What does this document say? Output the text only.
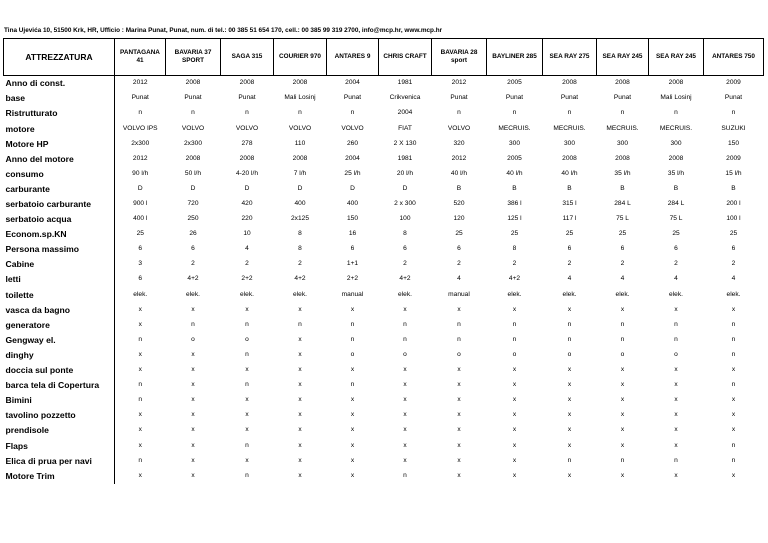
Tina Ujevića 10, 51500 Krk, HR, Ufficio : Marina Punat, Punat, num. di tel.: 00 385 51 654 170, cell.: 00 385 99 319 2700, info@mcp.hr, www.mcp.hr
ATTREZZATURA	PANTAGANA 41	BAVARIA 37 SPORT	SAGA 315	COURIER 970	ANTARES 9	CHRIS CRAFT	BAVARIA 28 sport	BAYLINER 285	SEA RAY 275	SEA RAY 245	SEA RAY 245	ANTARES 750
Anno di const.	2012	2008	2008	2008	2004	1981	2012	2005	2008	2008	2008	2009
base	Punat	Punat	Punat	Mali Losinj	Punat	Crikvenica	Punat	Punat	Punat	Punat	Mali Losinj	Punat
Ristrutturato	n	n	n	n	n	2004	n	n	n	n	n	n
motore	VOLVO IPS	VOLVO	VOLVO	VOLVO	VOLVO	FIAT	VOLVO	MECRUIS.	MECRUIS.	MECRUIS.	MECRUIS.	SUZUKI
Motore HP	2x300	2x300	278	110	260	2 X 130	320	300	300	300	300	150
Anno del motore	2012	2008	2008	2008	2004	1981	2012	2005	2008	2008	2008	2009
consumo	90 l/h	50 l/h	4-20 l/h	7 l/h	25 l/h	20 l/h	40 l/h	40 l/h	40 l/h	35 l/h	35 l/h	15 l/h
carburante	D	D	D	D	D	D	B	B	B	B	B	B
serbatoio carburante	900 l	720	420	400	400	2 x 300	520	386 l	315 l	284 L	284 L	200 l
serbatoio acqua	400 l	250	220	2x125	150	100	120	125 l	117 l	75 L	75 L	100 l
Econom.sp.KN	25	26	10	8	16	8	25	25	25	25	25	25
Persona massimo	6	6	4	8	6	6	6	8	6	6	6	6
Cabine	3	2	2	2	1+1	2	2	2	2	2	2	2
letti	6	4+2	2+2	4+2	2+2	4+2	4	4+2	4	4	4	4
toilette	elek.	elek.	elek.	elek.	manual	elek.	manual	elek.	elek.	elek.	elek.	elek.
vasca da bagno	x	x	x	x	x	x	x	x	x	x	x	x
generatore	x	n	n	n	n	n	n	n	n	n	n	n
Gengway el.	n	o	o	x	n	n	n	n	n	n	n	n
dinghy	x	x	n	x	o	o	o	o	o	o	o	n
doccia sul ponte	x	x	x	x	x	x	x	x	x	x	x	x
barca tela di Copertura	n	x	n	x	n	x	x	x	x	x	x	n
Bimini	n	x	x	x	x	x	x	x	x	x	x	x
tavolino pozzetto	x	x	x	x	x	x	x	x	x	x	x	x
prendisole	x	x	x	x	x	x	x	x	x	x	x	x
Flaps	x	x	n	x	x	x	x	x	x	x	x	n
Elica di prua per navi	n	x	x	x	x	x	x	x	n	n	n	n
Motore Trim	x	x	n	x	x	n	x	x	x	x	x	x
